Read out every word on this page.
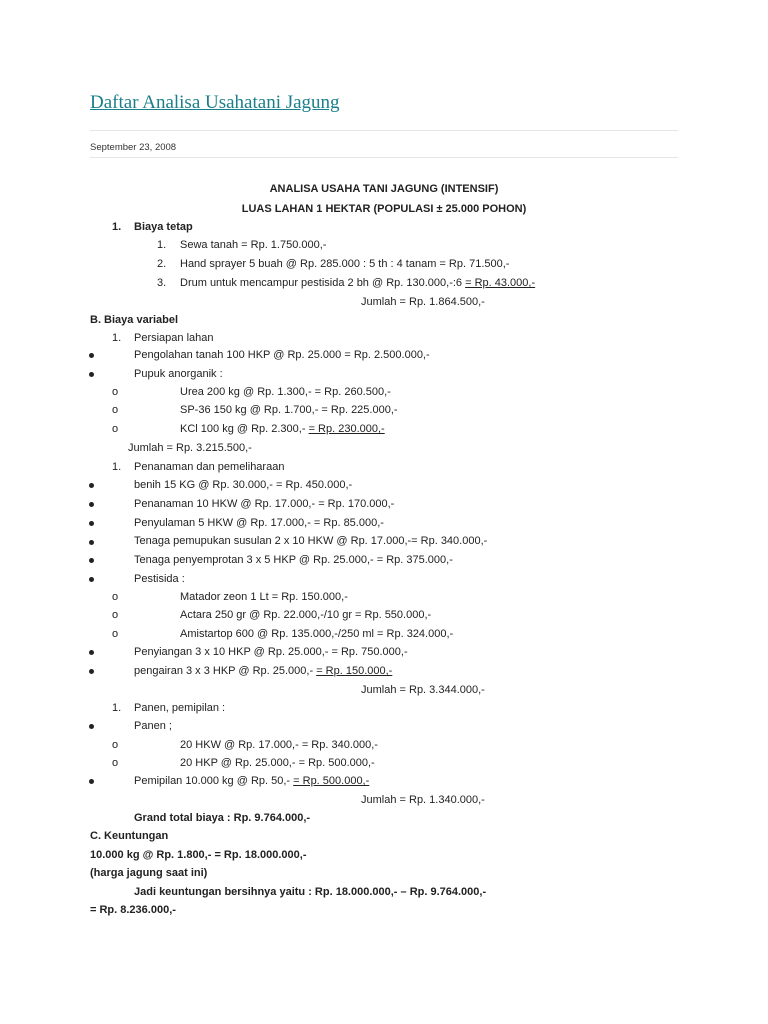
Daftar Analisa Usahatani Jagung
September 23, 2008
ANALISA USAHA TANI JAGUNG (INTENSIF)
LUAS LAHAN 1 HEKTAR (POPULASI ± 25.000 POHON)
1. Biaya tetap
1. Sewa tanah = Rp. 1.750.000,-
2. Hand sprayer 5 buah @ Rp. 285.000 : 5 th : 4 tanam = Rp. 71.500,-
3. Drum untuk mencampur pestisida 2 bh @ Rp. 130.000,-:6 = Rp. 43.000,-
Jumlah = Rp. 1.864.500,-
B. Biaya variabel
1. Persiapan lahan
Pengolahan tanah 100 HKP @ Rp. 25.000 = Rp. 2.500.000,-
Pupuk anorganik :
o	Urea 200 kg @ Rp. 1.300,- = Rp. 260.500,-
o	SP-36 150 kg @ Rp. 1.700,- = Rp. 225.000,-
o	KCl 100 kg @ Rp. 2.300,- = Rp. 230.000,-
Jumlah = Rp. 3.215.500,-
1. Penanaman dan pemeliharaan
benih 15 KG @ Rp. 30.000,- = Rp. 450.000,-
Penanaman 10 HKW @ Rp. 17.000,- = Rp. 170.000,-
Penyulaman 5 HKW @ Rp. 17.000,- = Rp. 85.000,-
Tenaga pemupukan susulan 2 x 10 HKW @ Rp. 17.000,-= Rp. 340.000,-
Tenaga penyemprotan 3 x 5 HKP @ Rp. 25.000,- = Rp. 375.000,-
Pestisida :
o	Matador zeon 1 Lt = Rp. 150.000,-
o	Actara 250 gr @ Rp. 22.000,-/10 gr = Rp. 550.000,-
o	Amistartop 600 @ Rp. 135.000,-/250 ml = Rp. 324.000,-
Penyiangan 3 x 10 HKP @ Rp. 25.000,- = Rp. 750.000,-
pengairan 3 x 3 HKP @ Rp. 25.000,- = Rp. 150.000,-
Jumlah = Rp. 3.344.000,-
1. Panen, pemipilan :
Panen ;
o	20 HKW @ Rp. 17.000,- = Rp. 340.000,-
o	20 HKP @ Rp. 25.000,- = Rp. 500.000,-
Pemipilan 10.000 kg @ Rp. 50,- = Rp. 500.000,-
Jumlah = Rp. 1.340.000,-
Grand total biaya : Rp. 9.764.000,-
C. Keuntungan
10.000 kg @ Rp. 1.800,- = Rp. 18.000.000,-
(harga jagung saat ini)
Jadi keuntungan bersihnya yaitu : Rp. 18.000.000,- – Rp. 9.764.000,-
= Rp. 8.236.000,-
